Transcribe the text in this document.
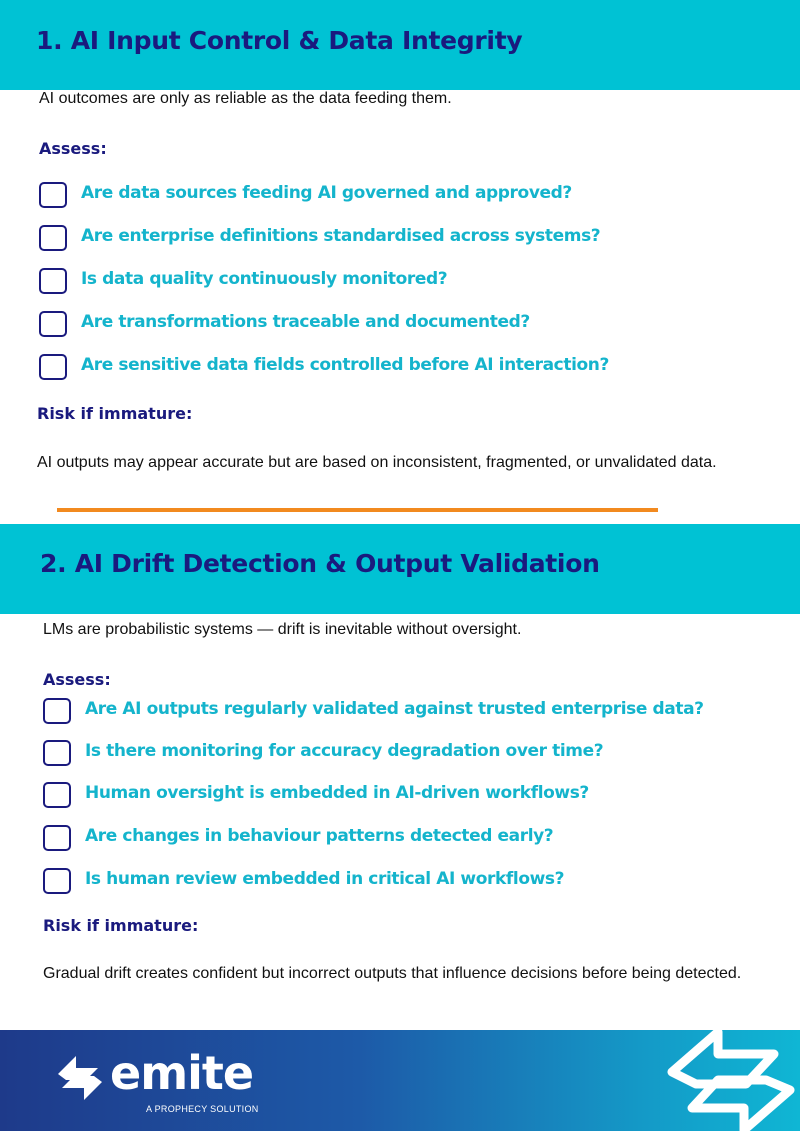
1. AI Input Control & Data Integrity
AI outcomes are only as reliable as the data feeding them.
Assess:
Are data sources feeding AI governed and approved?
Are enterprise definitions standardised across systems?
Is data quality continuously monitored?
Are transformations traceable and documented?
Are sensitive data fields controlled before AI interaction?
Risk if immature:
AI outputs may appear accurate but are based on inconsistent, fragmented, or unvalidated data.
2. AI Drift Detection & Output Validation
LMs are probabilistic systems — drift is inevitable without oversight.
Assess:
Are AI outputs regularly validated against trusted enterprise data?
Is there monitoring for accuracy degradation over time?
Human oversight is embedded in AI-driven workflows?
Are changes in behaviour patterns detected early?
Is human review embedded in critical AI workflows?
Risk if immature:
Gradual drift creates confident but incorrect outputs that influence decisions before being detected.
emite
A PROPHECY SOLUTION
